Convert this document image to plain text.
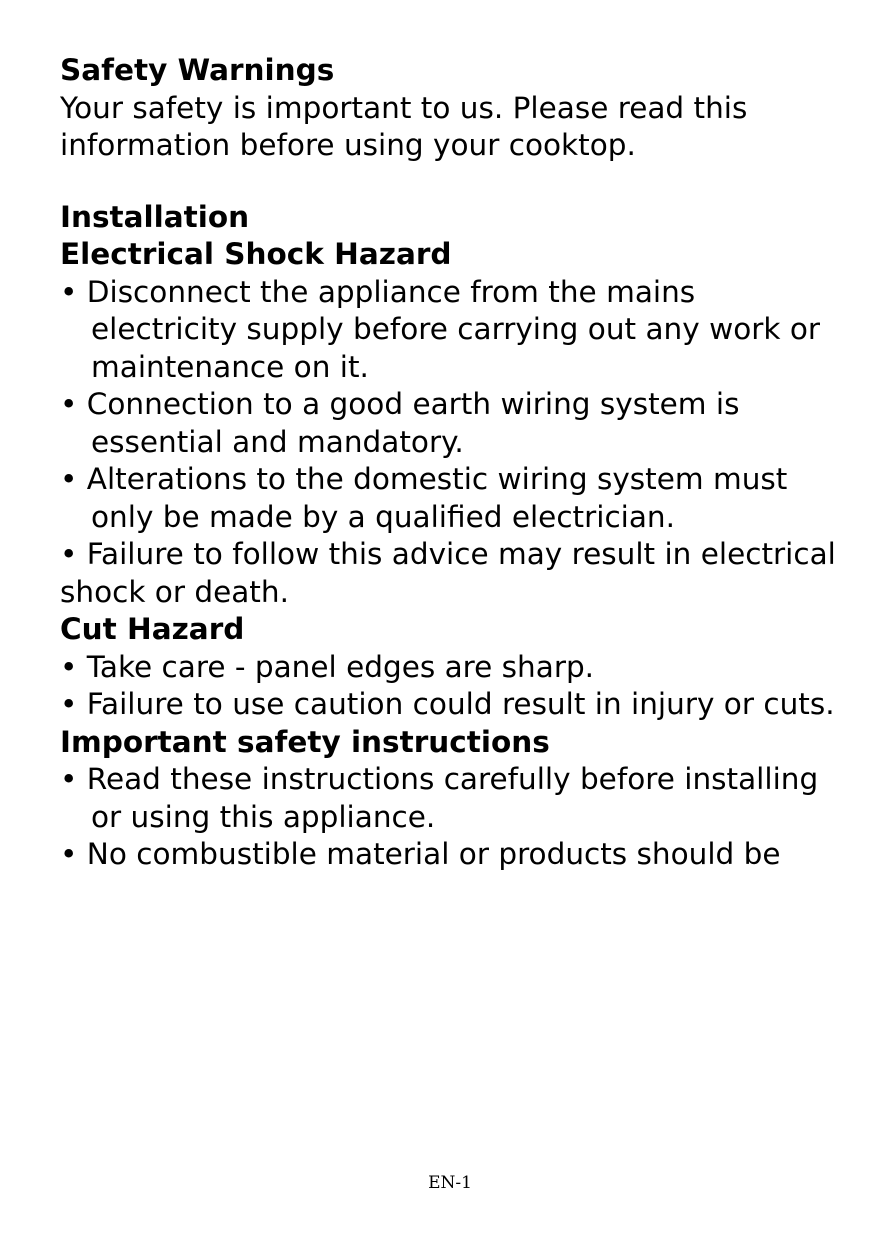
Safety Warnings

Your safety is important to us. Please read this information before using your cooktop.

Installation

Electrical Shock Hazard

• Disconnect the appliance from the mains electricity supply before carrying out any work or maintenance on it.

• Connection to a good earth wiring system is essential and mandatory.

• Alterations to the domestic wiring system must only be made by a qualified electrician.

• Failure to follow this advice may result in electrical shock or death.

Cut Hazard

• Take care - panel edges are sharp.

• Failure to use caution could result in injury or cuts.

Important safety instructions

• Read these instructions carefully before installing or using this appliance.

• No combustible material or products should be

EN-1
